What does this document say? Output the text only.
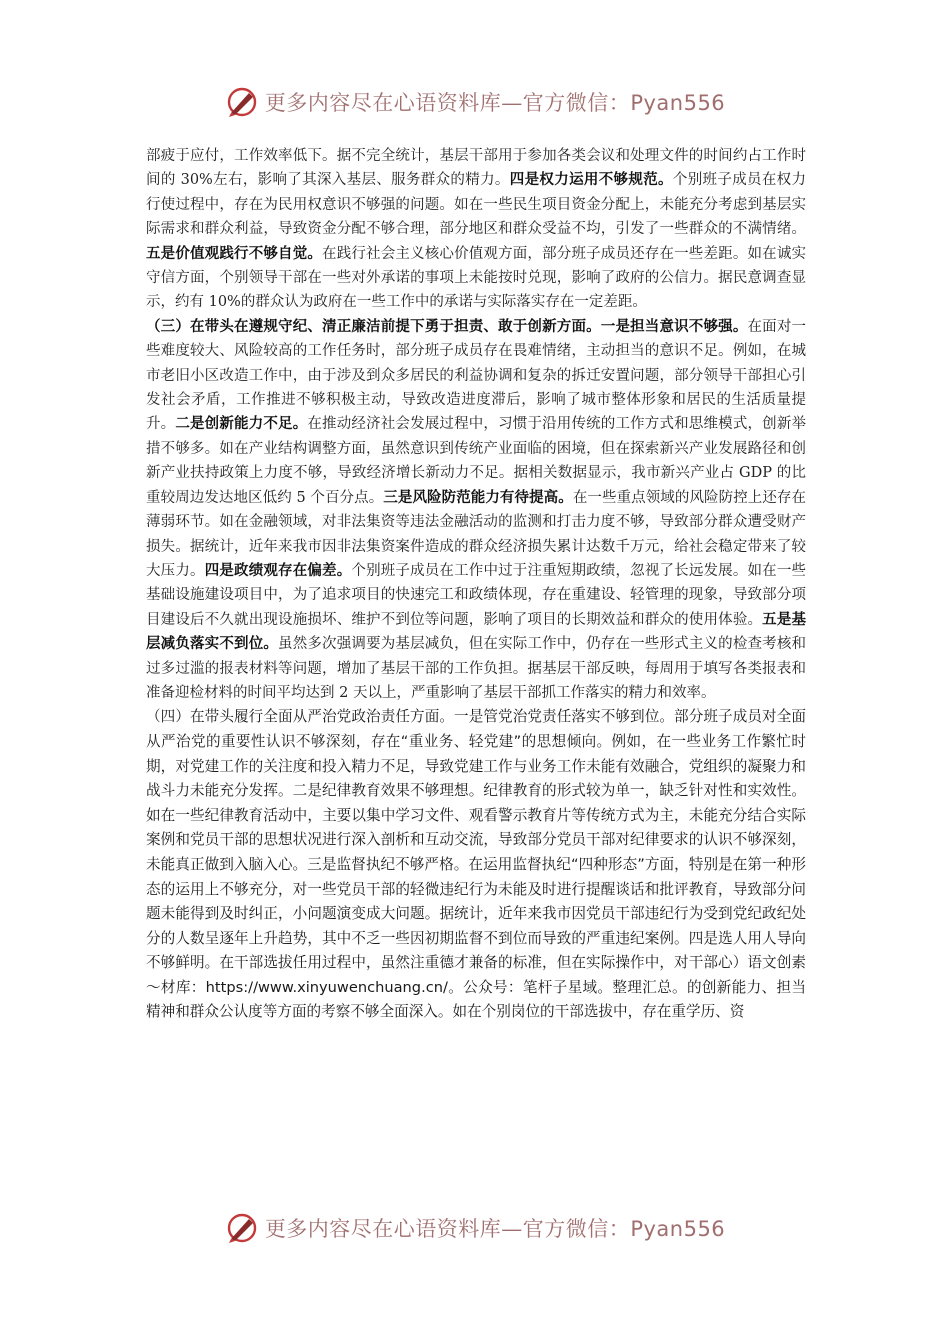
更多内容尽在心语资料库—官方微信：Pyan556

部疲于应付，工作效率低下。据不完全统计，基层干部用于参加各类会议和处理文件的时间约占工作时间的 30%左右，影响了其深入基层、服务群众的精力。四是权力运用不够规范。个别班子成员在权力行使过程中，存在为民用权意识不够强的问题。如在一些民生项目资金分配上，未能充分考虑到基层实际需求和群众利益，导致资金分配不够合理，部分地区和群众受益不均，引发了一些群众的不满情绪。五是价值观践行不够自觉。在践行社会主义核心价值观方面，部分班子成员还存在一些差距。如在诚实守信方面，个别领导干部在一些对外承诺的事项上未能按时兑现，影响了政府的公信力。据民意调查显示，约有 10%的群众认为政府在一些工作中的承诺与实际落实存在一定差距。

（三）在带头在遵规守纪、清正廉洁前提下勇于担责、敢于创新方面。一是担当意识不够强。在面对一些难度较大、风险较高的工作任务时，部分班子成员存在畏难情绪，主动担当的意识不足。例如，在城市老旧小区改造工作中，由于涉及到众多居民的利益协调和复杂的拆迁安置问题，部分领导干部担心引发社会矛盾，工作推进不够积极主动，导致改造进度滞后，影响了城市整体形象和居民的生活质量提升。二是创新能力不足。在推动经济社会发展过程中，习惯于沿用传统的工作方式和思维模式，创新举措不够多。如在产业结构调整方面，虽然意识到传统产业面临的困境，但在探索新兴产业发展路径和创新产业扶持政策上力度不够，导致经济增长新动力不足。据相关数据显示，我市新兴产业占 GDP 的比重较周边发达地区低约 5 个百分点。三是风险防范能力有待提高。在一些重点领域的风险防控上还存在薄弱环节。如在金融领域，对非法集资等违法金融活动的监测和打击力度不够，导致部分群众遭受财产损失。据统计，近年来我市因非法集资案件造成的群众经济损失累计达数千万元，给社会稳定带来了较大压力。四是政绩观存在偏差。个别班子成员在工作中过于注重短期政绩，忽视了长远发展。如在一些基础设施建设项目中，为了追求项目的快速完工和政绩体现，存在重建设、轻管理的现象，导致部分项目建设后不久就出现设施损坏、维护不到位等问题，影响了项目的长期效益和群众的使用体验。五是基层减负落实不到位。虽然多次强调要为基层减负，但在实际工作中，仍存在一些形式主义的检查考核和过多过滥的报表材料等问题，增加了基层干部的工作负担。据基层干部反映，每周用于填写各类报表和准备迎检材料的时间平均达到 2 天以上，严重影响了基层干部抓工作落实的精力和效率。

（四）在带头履行全面从严治党政治责任方面。一是管党治党责任落实不够到位。部分班子成员对全面从严治党的重要性认识不够深刻，存在“重业务、轻党建”的思想倾向。例如，在一些业务工作繁忙时期，对党建工作的关注度和投入精力不足，导致党建工作与业务工作未能有效融合，党组织的凝聚力和战斗力未能充分发挥。二是纪律教育效果不够理想。纪律教育的形式较为单一，缺乏针对性和实效性。如在一些纪律教育活动中，主要以集中学习文件、观看警示教育片等传统方式为主，未能充分结合实际案例和党员干部的思想状况进行深入剖析和互动交流，导致部分党员干部对纪律要求的认识不够深刻，未能真正做到入脑入心。三是监督执纪不够严格。在运用监督执纪“四种形态”方面，特别是在第一种形态的运用上不够充分，对一些党员干部的轻微违纪行为未能及时进行提醒谈话和批评教育，导致部分问题未能得到及时纠正，小问题演变成大问题。据统计，近年来我市因党员干部违纪行为受到党纪政纪处分的人数呈逐年上升趋势，其中不乏一些因初期监督不到位而导致的严重违纪案例。四是选人用人导向不够鲜明。在干部选拔任用过程中，虽然注重德才兼备的标准，但在实际操作中，对干部心）语文创素～材库：https://www.xinyuwenchuang.cn/。公众号：笔杆子星域。整理汇总。的创新能力、担当精神和群众公认度等方面的考察不够全面深入。如在个别岗位的干部选拔中，存在重学历、资

更多内容尽在心语资料库—官方微信：Pyan556
